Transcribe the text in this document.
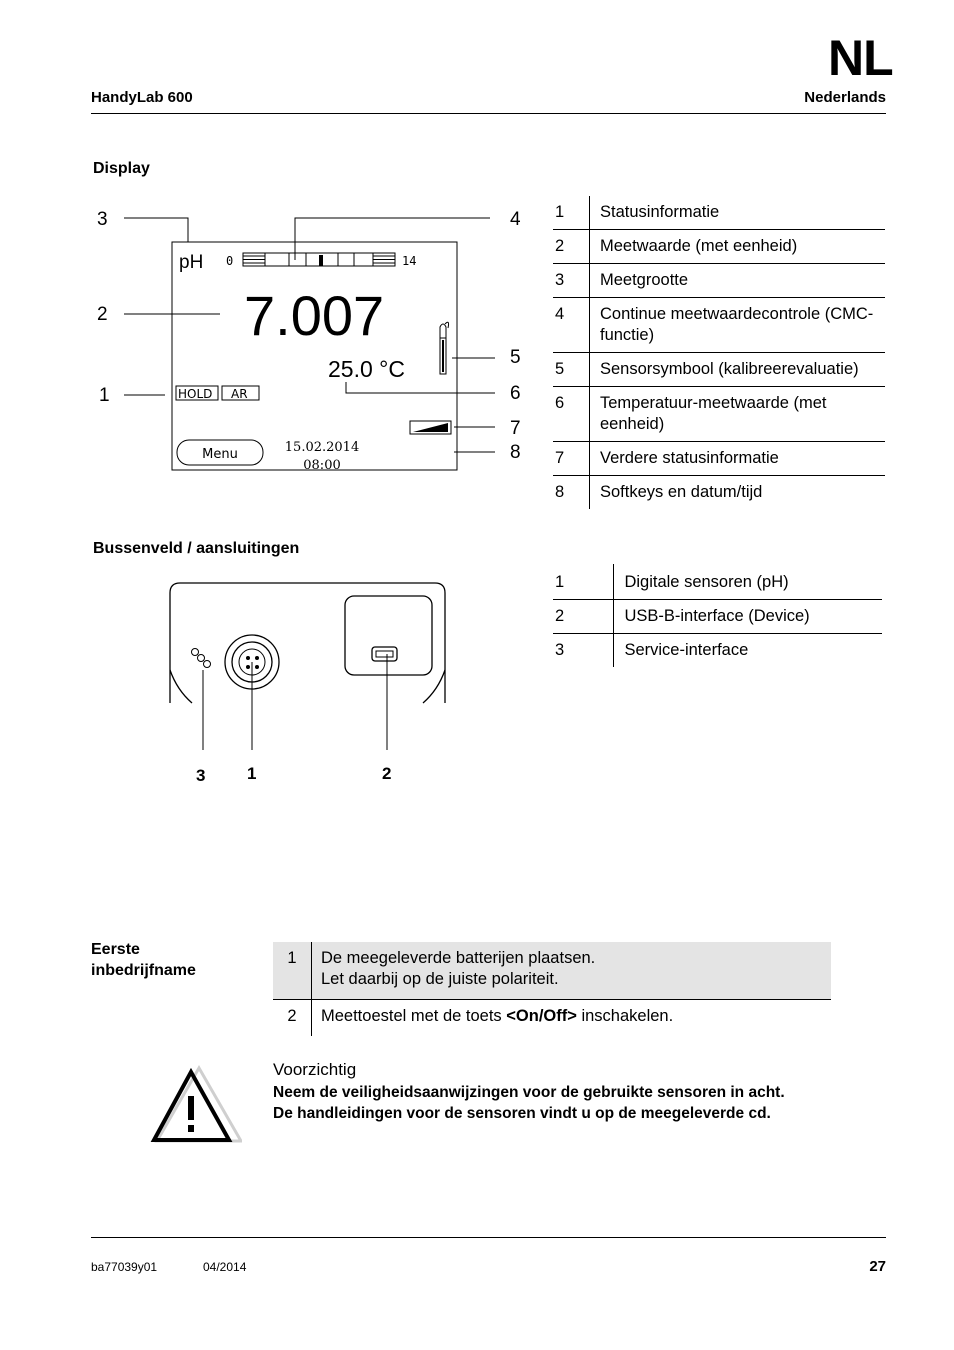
NL
HandyLab 600	Nederlands
Display
3
2
1
4
5
6
7
8
pH 0	14
7.007
25.0 °C
HOLD AR
Menu	15.02.2014
08:00
1	Statusinformatie
2	Meetwaarde (met eenheid)
3	Meetgrootte
4	Continue meetwaardecontrole (CMC-functie)
5	Sensorsymbool (kalibreerevaluatie)
6	Temperatuur-meetwaarde (met eenheid)
7	Verdere statusinformatie
8	Softkeys en datum/tijd
Bussenveld / aansluitingen
3 1	2
1	Digitale sensoren (pH)
2	USB-B-interface (Device)
3	Service-interface
Eerste
inbedrijfname
1	De meegeleverde batterijen plaatsen.
Let daarbij op de juiste polariteit.

2	Meettoestel met de toets <On/Off> inschakelen.
Voorzichtig
Neem de veiligheidsaanwijzingen voor de gebruikte sensoren in acht.
De handleidingen voor de sensoren vindt u op de meegeleverde cd.
ba77039y01	04/2014	27
